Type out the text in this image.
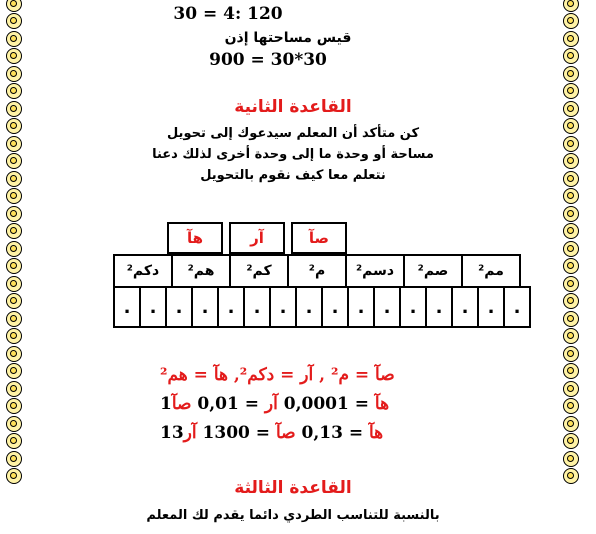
30 = 4: 120
قيس مساحتها إذن
900 = 30*30
القاعدة الثانية
كن متأكد أن المعلم سيدعوك إلى تحويل
مساحة أو وحدة ما إلى وحدة أخرى لذلك دعنا
نتعلم معا كيف نقوم بالتحويل
هآ		آر		صآ
دكم²	هم²	كم²	م²	دسم²	صم²	مم²
.	.	.	.	.	.	.	.	.	.	.	.	.	.	.	.
صآ = م² , آر = دكم², هآ = هم²
هآ = 0,0001 آر = 0,01 صآ1
هآ = 0,13 صآ = 1300 آر13
القاعدة الثالثة
بالنسبة للتناسب الطردي دائما يقدم لك المعلم
